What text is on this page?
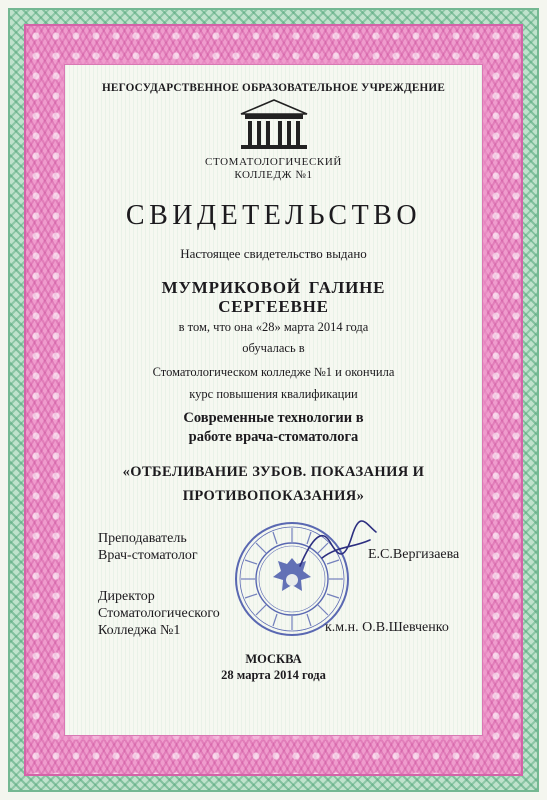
НЕГОСУДАРСТВЕННОЕ ОБРАЗОВАТЕЛЬНОЕ УЧРЕЖДЕНИЕ
СТОМАТОЛОГИЧЕСКИЙ
КОЛЛЕДЖ №1
СВИДЕТЕЛЬСТВО
Настоящее свидетельство выдано
МУМРИКОВОЙ ГАЛИНЕ
СЕРГЕЕВНЕ
в том, что она «28» марта 2014 года
обучалась в
Стоматологическом колледже №1 и окончила
курс повышения квалификации
Современные технологии в
работе врача-стоматолога
«ОТБЕЛИВАНИЕ ЗУБОВ. ПОКАЗАНИЯ И
ПРОТИВОПОКАЗАНИЯ»
Преподаватель
Врач-стоматолог
Директор
Стоматологического
Колледжа №1
Е.С.Вергизаева
к.м.н. О.В.Шевченко
МОСКВА
28 марта 2014 года
